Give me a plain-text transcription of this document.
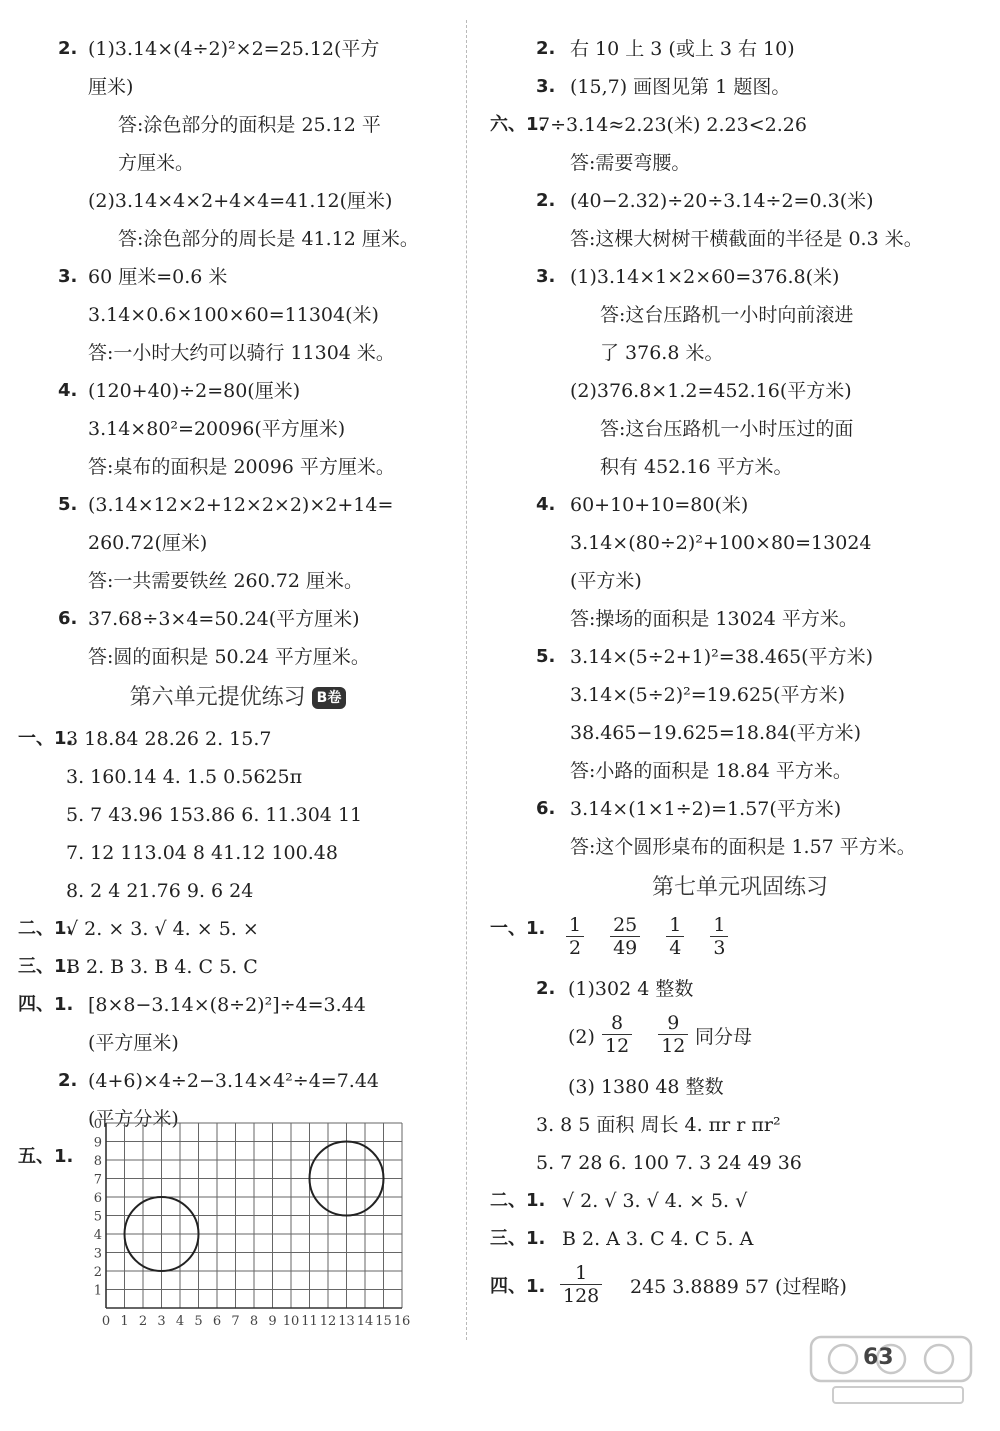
2. (1)3.14×(4÷2)²×2=25.12(平方
厘米)
答:涂色部分的面积是 25.12 平
方厘米。
(2)3.14×4×2+4×4=41.12(厘米)
答:涂色部分的周长是 41.12 厘米。
3. 60 厘米=0.6 米
3.14×0.6×100×60=11304(米)
答:一小时大约可以骑行 11304 米。
4. (120+40)÷2=80(厘米)
3.14×80²=20096(平方厘米)
答:桌布的面积是 20096 平方厘米。
5. (3.14×12×2+12×2×2)×2+14=
260.72(厘米)
答:一共需要铁丝 260.72 厘米。
6. 37.68÷3×4=50.24(平方厘米)
答:圆的面积是 50.24 平方厘米。
第六单元提优练习 B卷
一、1.
3 18.84 28.26 2. 15.7
3. 160.14 4. 1.5 0.5625π
5. 7 43.96 153.86 6. 11.304 11
7. 12 113.04 8 41.12 100.48
8. 2 4 21.76 9. 6 24
二、1.
√ 2. × 3. √ 4. × 5. ×
三、1.
B 2. B 3. B 4. C 5. C
四、1. [8×8−3.14×(8÷2)²]÷4=3.44
(平方厘米)
2. (4+6)×4÷2−3.14×4²÷4=7.44
(平方分米)
五、1.
0 1 2 3 4 5 6 7 8 9 10 11 12 13 14 15 16
0
9
8
7
6
5
4
3
2
1
2. 右 10 上 3 (或上 3 右 10)
3. (15,7) 画图见第 1 题图。
六、1.
7÷3.14≈2.23(米) 2.23<2.26
答:需要弯腰。
2. (40−2.32)÷20÷3.14÷2=0.3(米)
答:这棵大树树干横截面的半径是 0.3 米。
3. (1)3.14×1×2×60=376.8(米)
答:这台压路机一小时向前滚进
了 376.8 米。
(2)376.8×1.2=452.16(平方米)
答:这台压路机一小时压过的面
积有 452.16 平方米。
4. 60+10+10=80(米)
3.14×(80÷2)²+100×80=13024
(平方米)
答:操场的面积是 13024 平方米。
5. 3.14×(5÷2+1)²=38.465(平方米)
3.14×(5÷2)²=19.625(平方米)
38.465−19.625=18.84(平方米)
答:小路的面积是 18.84 平方米。
6. 3.14×(1×1÷2)=1.57(平方米)
答:这个圆形桌布的面积是 1.57 平方米。
第七单元巩固练习
一、1. $\frac{1}{2} \frac{25}{49} \frac{1}{4} \frac{1}{3}$
2. (1)302 4 整数
$(2) \frac{8}{12} \frac{9}{12}$ 同分母
(3) 1380 48 整数
3. 8 5 面积 周长 4. πr r πr²
5. 7 28 6. 100 7. 3 24 49 36
二、1. √ 2. √ 3. √ 4. × 5. √
三、1. B 2. A 3. C 4. C 5. A
四、1. $\frac{1}{128} 245$ 3.8889 57 (过程略)
63
